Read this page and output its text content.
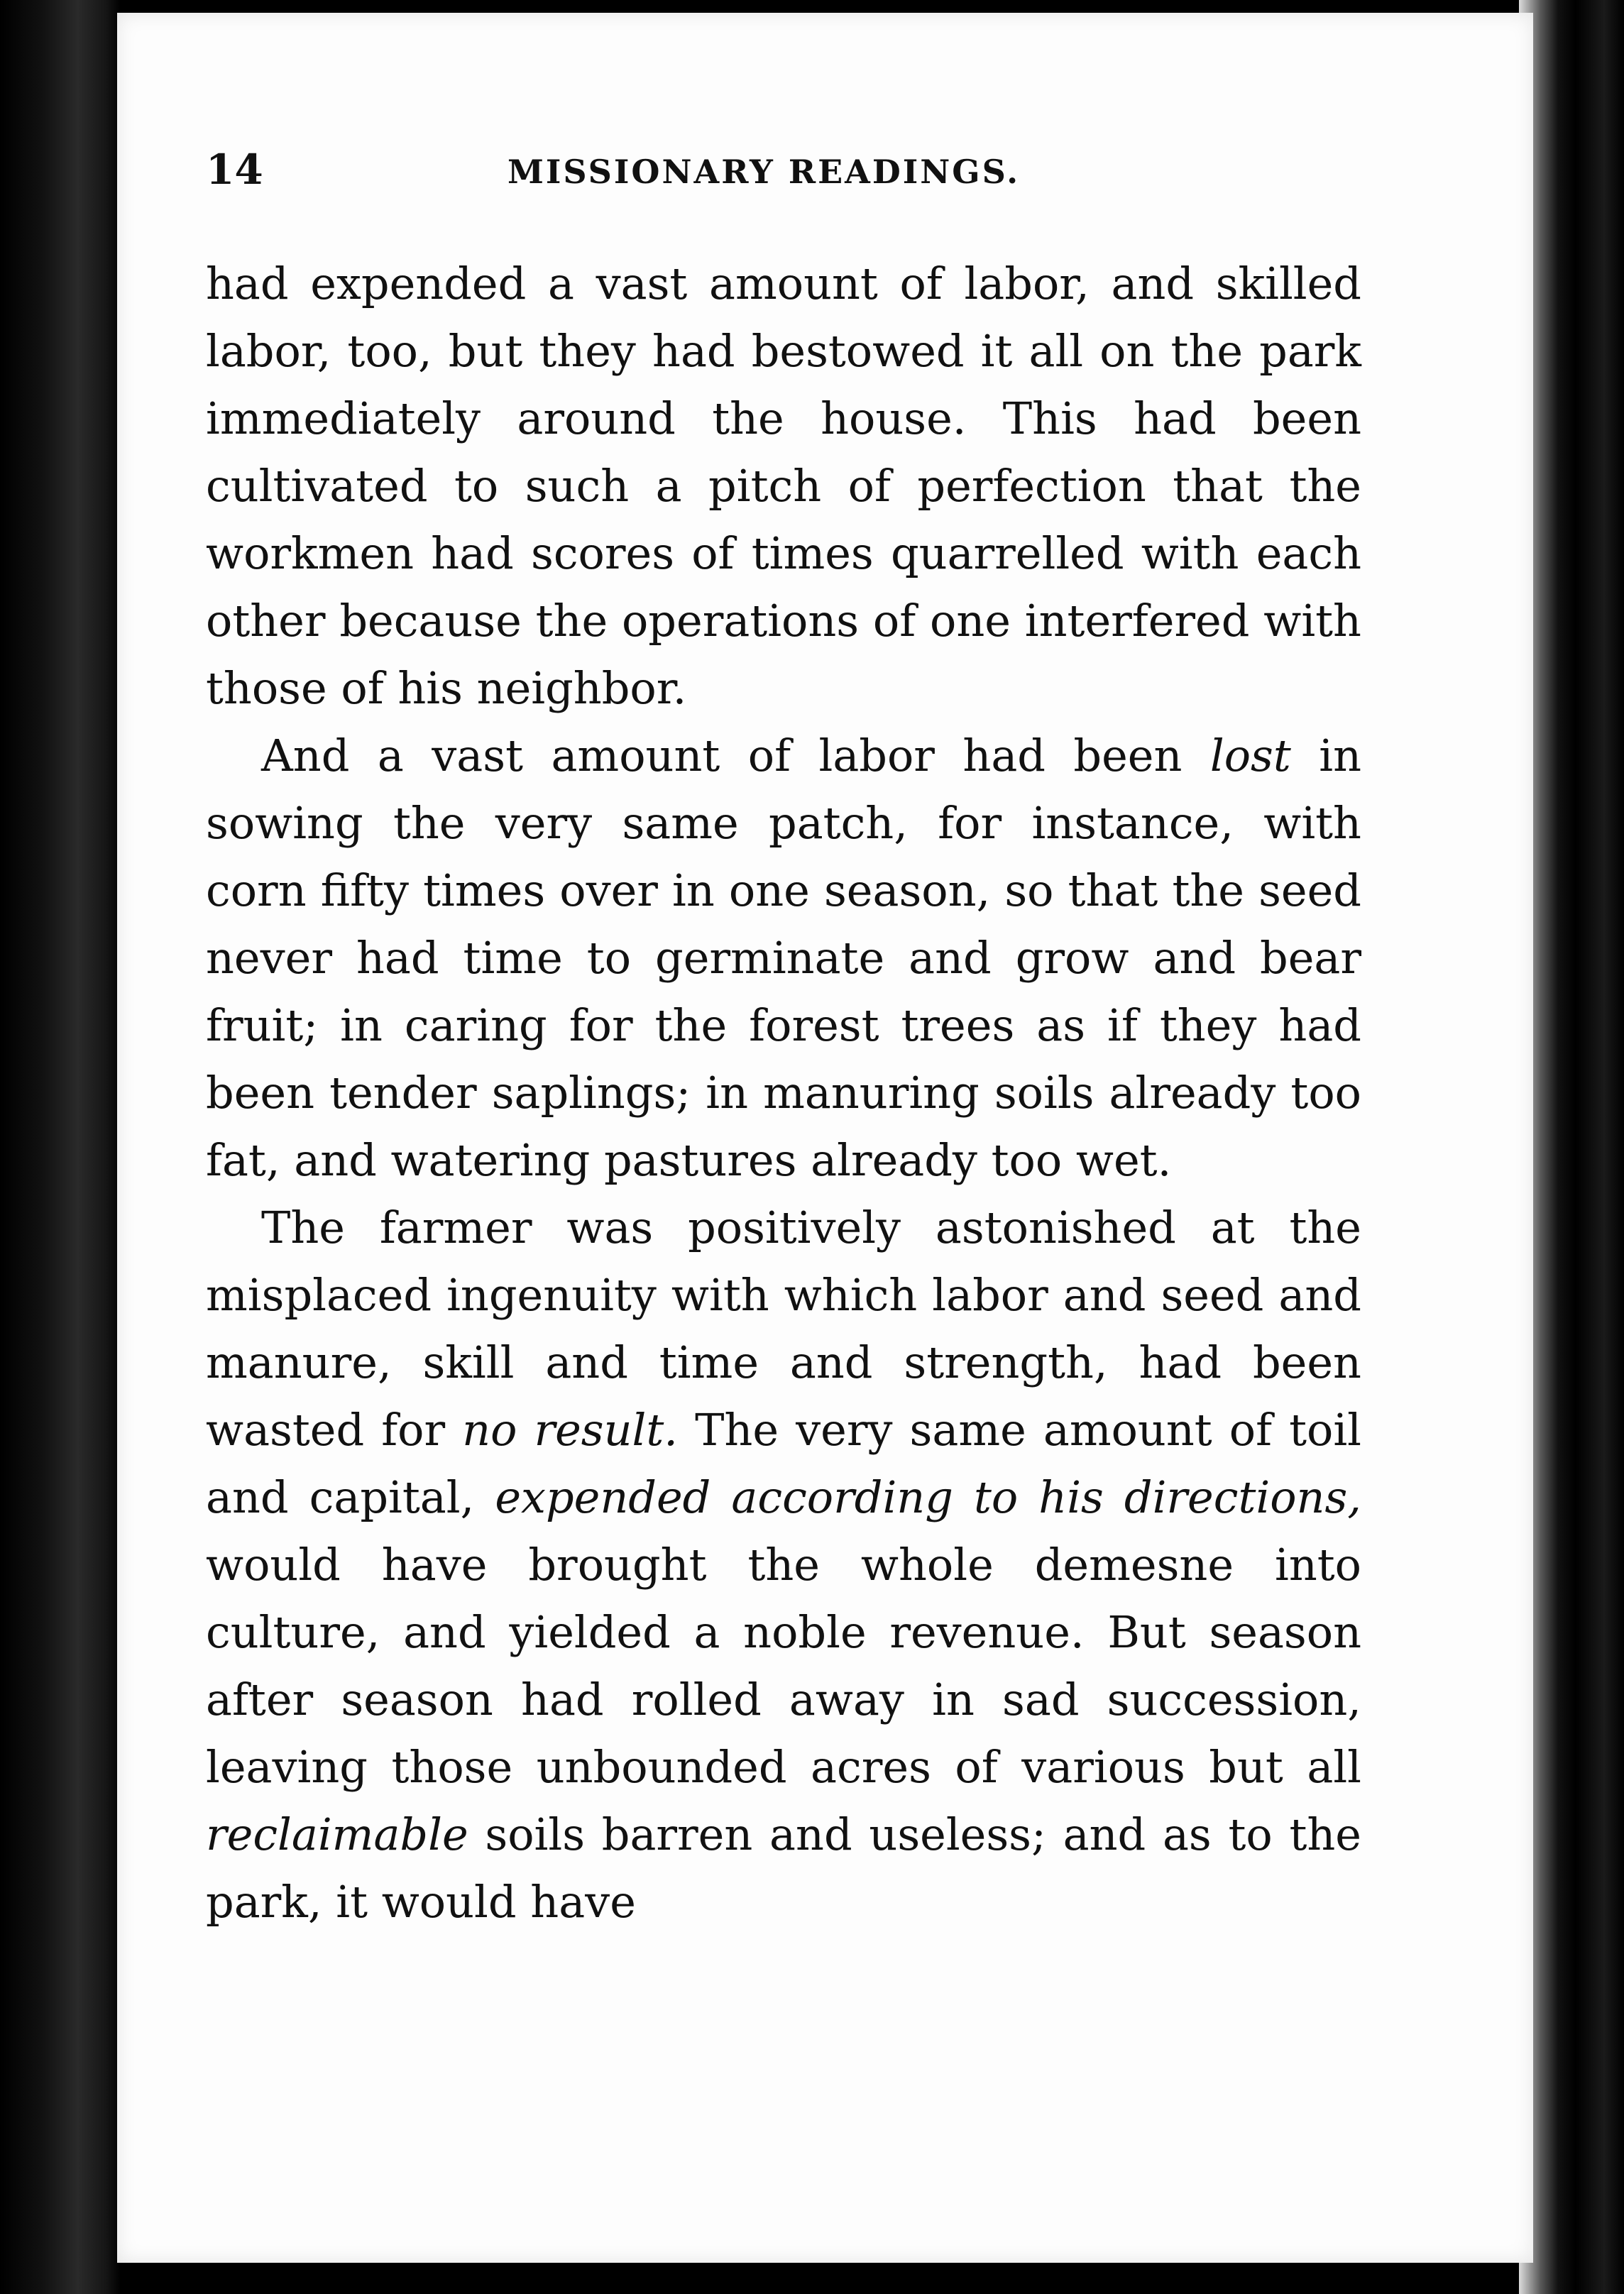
14	MISSIONARY READINGS.

had expended a vast amount of labor, and skilled labor, too, but they had bestowed it all on the park immediately around the house. This had been cultivated to such a pitch of perfection that the workmen had scores of times quarrelled with each other because the operations of one interfered with those of his neighbor.

And a vast amount of labor had been lost in sowing the very same patch, for instance, with corn fifty times over in one season, so that the seed never had time to germinate and grow and bear fruit; in caring for the forest trees as if they had been tender saplings; in manuring soils already too fat, and watering pastures already too wet.

The farmer was positively astonished at the misplaced ingenuity with which labor and seed and manure, skill and time and strength, had been wasted for no result. The very same amount of toil and capital, expended according to his directions, would have brought the whole demesne into culture, and yielded a noble revenue. But season after season had rolled away in sad succession, leaving those unbounded acres of various but all reclaimable soils barren and useless; and as to the park, it would have
